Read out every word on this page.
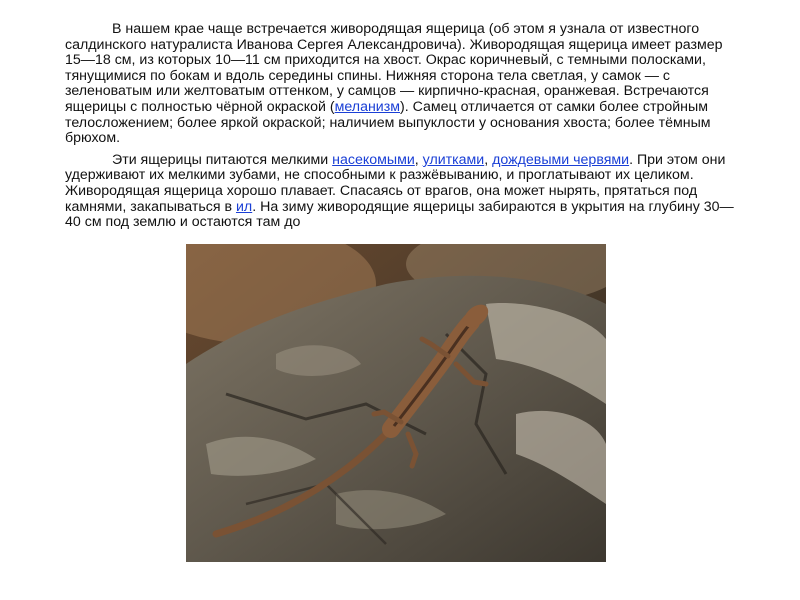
В нашем крае чаще встречается живородящая ящерица (об этом я узнала от известного салдинского натуралиста Иванова Сергея Александровича). Живородящая ящерица имеет размер 15—18 см, из которых 10—11 см приходится на хвост. Окрас коричневый, с темными полосками, тянущимися по бокам и вдоль середины спины. Нижняя сторона тела светлая, у самок — с зеленоватым или желтоватым оттенком, у самцов — кирпично-красная, оранжевая. Встречаются ящерицы с полностью чёрной окраской (меланизм). Самец отличается от самки более стройным телосложением; более яркой окраской; наличием выпуклости у основания хвоста; более тёмным брюхом.

Эти ящерицы питаются мелкими насекомыми, улитками, дождевыми червями. При этом они удерживают их мелкими зубами, не способными к разжёвыванию, и проглатывают их целиком. Живородящая ящерица хорошо плавает. Спасаясь от врагов, она может нырять, прятаться под камнями, закапываться в ил. На зиму живородящие ящерицы забираются в укрытия на глубину 30—40 см под землю и остаются там до
